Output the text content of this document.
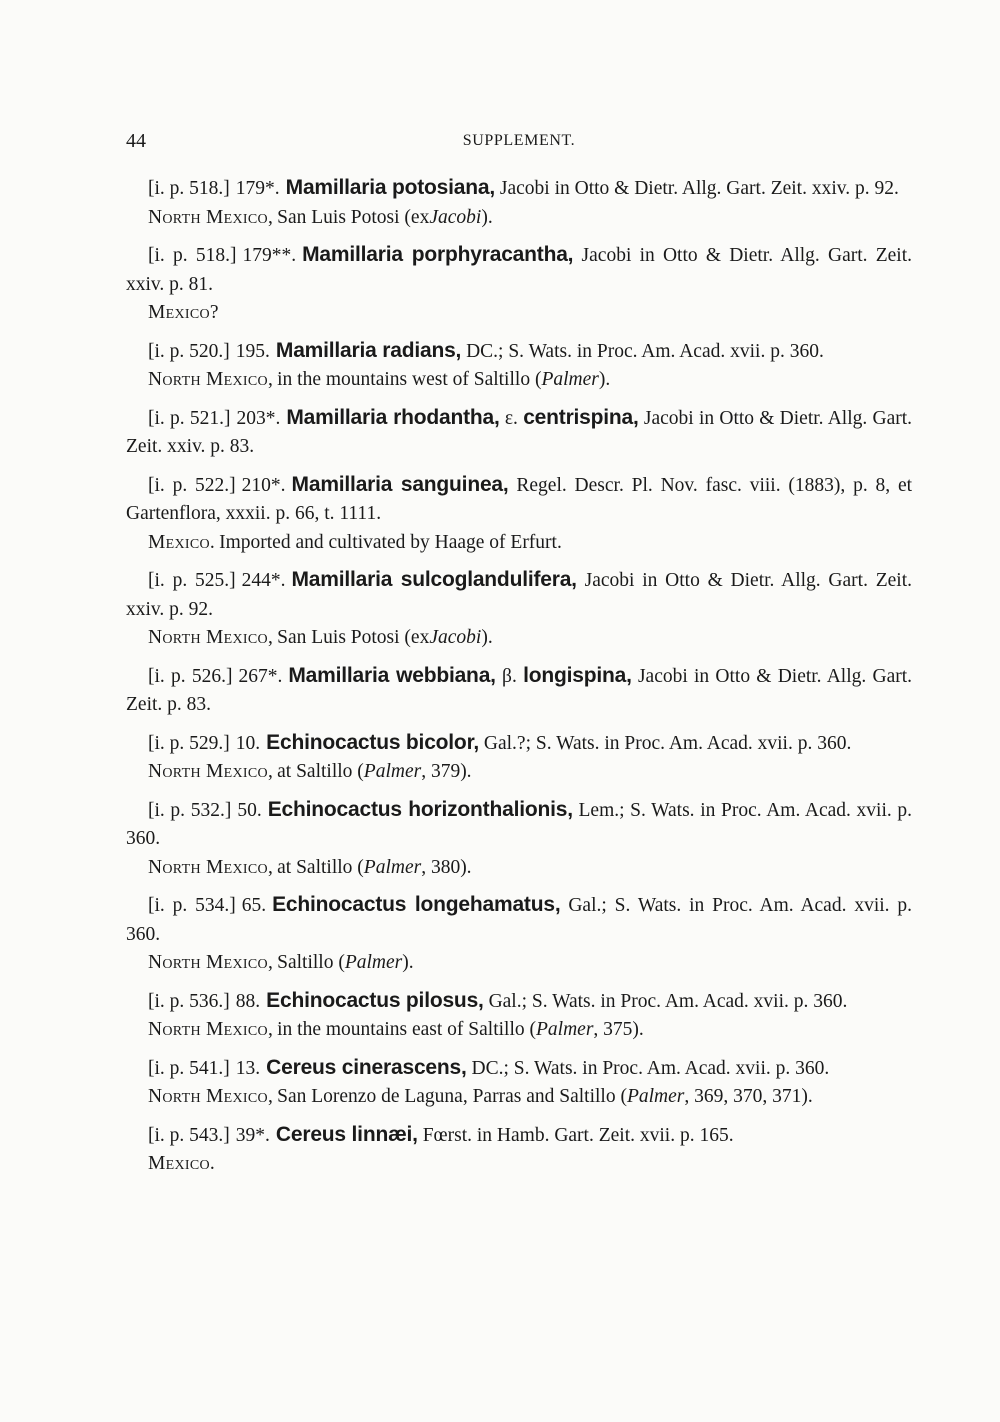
44	SUPPLEMENT.
[i. p. 518.] 179*. Mamillaria potosiana, Jacobi in Otto & Dietr. Allg. Gart. Zeit. xxiv. p. 92.
North Mexico, San Luis Potosi (exJacobi).
[i. p. 518.] 179**. Mamillaria porphyracantha, Jacobi in Otto & Dietr. Allg. Gart. Zeit. xxiv. p. 81.
Mexico?
[i. p. 520.] 195. Mamillaria radians, DC.; S. Wats. in Proc. Am. Acad. xvii. p. 360.
North Mexico, in the mountains west of Saltillo (Palmer).
[i. p. 521.] 203*. Mamillaria rhodantha, ε. centrispina, Jacobi in Otto & Dietr. Allg. Gart. Zeit. xxiv. p. 83.
[i. p. 522.] 210*. Mamillaria sanguinea, Regel. Descr. Pl. Nov. fasc. viii. (1883), p. 8, et Gartenflora, xxxii. p. 66, t. 1111.
Mexico. Imported and cultivated by Haage of Erfurt.
[i. p. 525.] 244*. Mamillaria sulcoglandulifera, Jacobi in Otto & Dietr. Allg. Gart. Zeit. xxiv. p. 92.
North Mexico, San Luis Potosi (exJacobi).
[i. p. 526.] 267*. Mamillaria webbiana, β. longispina, Jacobi in Otto & Dietr. Allg. Gart. Zeit. p. 83.
[i. p. 529.] 10. Echinocactus bicolor, Gal.?; S. Wats. in Proc. Am. Acad. xvii. p. 360.
North Mexico, at Saltillo (Palmer, 379).
[i. p. 532.] 50. Echinocactus horizonthalionis, Lem.; S. Wats. in Proc. Am. Acad. xvii. p. 360.
North Mexico, at Saltillo (Palmer, 380).
[i. p. 534.] 65. Echinocactus longehamatus, Gal.; S. Wats. in Proc. Am. Acad. xvii. p. 360.
North Mexico, Saltillo (Palmer).
[i. p. 536.] 88. Echinocactus pilosus, Gal.; S. Wats. in Proc. Am. Acad. xvii. p. 360.
North Mexico, in the mountains east of Saltillo (Palmer, 375).
[i. p. 541.] 13. Cereus cinerascens, DC.; S. Wats. in Proc. Am. Acad. xvii. p. 360.
North Mexico, San Lorenzo de Laguna, Parras and Saltillo (Palmer, 369, 370, 371).
[i. p. 543.] 39*. Cereus linnæi, Fœrst. in Hamb. Gart. Zeit. xvii. p. 165.
Mexico.
